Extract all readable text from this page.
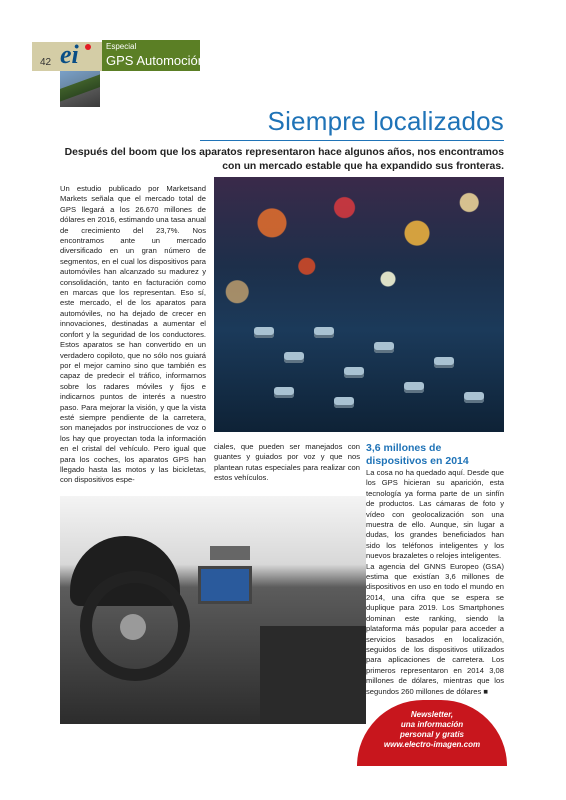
42 ei	Especial
GPS Automoción
Siempre localizados
Después del boom que los aparatos representaron hace algunos años, nos encontramos con un mercado estable que ha expandido sus fronteras.

Un estudio publicado por Marketsand Markets señala que el mercado total de GPS llegará a los 26.670 millones de dólares en 2016, estimando una tasa anual de crecimiento del 23,7%. Nos encontramos ante un mercado diversificado en un gran número de segmentos, en el cual los dispositivos para automóviles han alcanzado su madurez y consolidación, tanto en facturación como en marcas que los representan. Eso sí, este mercado, el de los aparatos para automóviles, no ha dejado de crecer en innovaciones, destinadas a aumentar el confort y la seguridad de los conductores. Estos aparatos se han convertido en un verdadero copiloto, que no sólo nos guiará por el mejor camino sino que también es capaz de predecir el tráfico, informarnos sobre los radares móviles y fijos e indicarnos puntos de interés a nuestro paso. Para mejorar la visión, y que la vista esté siempre pendiente de la carretera, son manejados por instrucciones de voz o los hay que proyectan toda la información en el cristal del vehículo. Pero igual que para los coches, los aparatos GPS han llegado hasta las motos y las bicicletas, con dispositivos espe-

ciales, que pueden ser manejados con guantes y guiados por voz y que nos plantean rutas especiales para realizar con estos vehículos.

3,6 millones de dispositivos en 2014

La cosa no ha quedado aquí. Desde que los GPS hicieran su aparición, esta tecnología ya forma parte de un sinfín de productos. Las cámaras de foto y vídeo con geolocalización son una muestra de ello. Aunque, sin lugar a dudas, los grandes beneficiados han sido los teléfonos inteligentes y los nuevos brazaletes o relojes inteligentes.

La agencia del GNNS Europeo (GSA) estima que existían 3,6 millones de dispositivos en uso en todo el mundo en 2014, una cifra que se espera se duplique para 2019. Los Smartphones dominan este ranking, siendo la plataforma más popular para acceder a servicios basados en localización, seguidos de los dispositivos utilizados para aplicaciones de carretera. Los primeros representaron en 2014 3,08 millones de dólares, mientras que los segundos 260 millones de dólares ■

Newsletter,
una información
personal y gratis
www.electro-imagen.com
